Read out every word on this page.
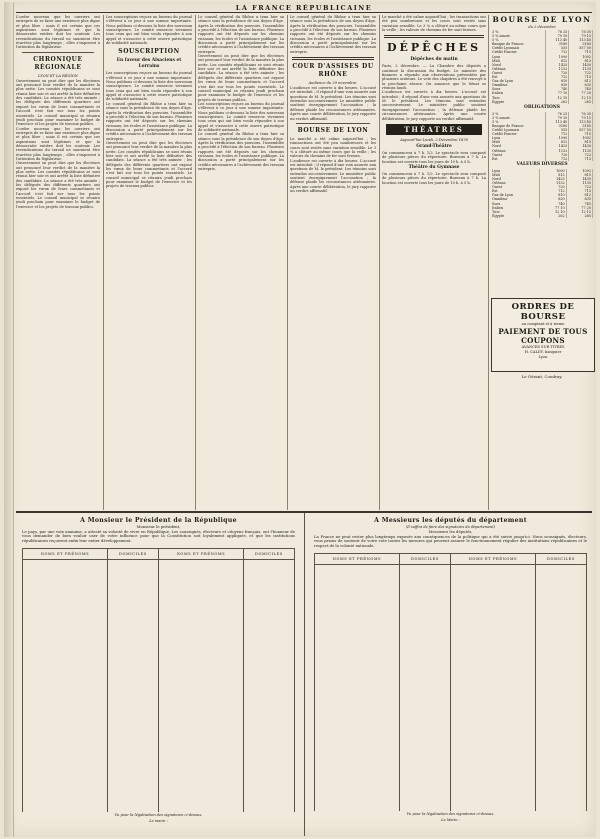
LA FRANCE RÉPUBLICAINE
L'ordre nouveau que les ouvriers ont entrepris de se faire une existence plus digne et plus libre ; mais il est certain que ces aspirations sont légitimes et que la démocratie entière doit les soutenir. Les revendications du travail ne sauraient être écartées plus longtemps ; elles s'imposent à l'attention du législateur.
CHRONIQUE RÉGIONALE
LYON ET LA RÉGION
Ouvertement on peut dire que les électeurs ont prononcé leur verdict de la manière la plus nette. Les comités républicains se sont réunis hier soir et ont arrêté la liste définitive des candidats. La séance a été très animée ; les délégués des différents quartiers ont exposé les vœux de leurs commettants et l'accord s'est fait sur tous les points essentiels. Le conseil municipal se réunira jeudi prochain pour examiner le budget de l'exercice et les projets de travaux publics.
L'ordre nouveau que les ouvriers ont entrepris de se faire une existence plus digne et plus libre ; mais il est certain que ces aspirations sont légitimes et que la démocratie entière doit les soutenir. Les revendications du travail ne sauraient être écartées plus longtemps ; elles s'imposent à l'attention du législateur.
Ouvertement on peut dire que les électeurs ont prononcé leur verdict de la manière la plus nette. Les comités républicains se sont réunis hier soir et ont arrêté la liste définitive des candidats. La séance a été très animée ; les délégués des différents quartiers ont exposé les vœux de leurs commettants et l'accord s'est fait sur tous les points essentiels. Le conseil municipal se réunira jeudi prochain pour examiner le budget de l'exercice et les projets de travaux publics.
Les souscriptions reçues au bureau du journal s'élèvent à ce jour à une somme importante. Nous publions ci-dessous la liste des nouveaux souscripteurs. Le comité remercie vivement tous ceux qui ont bien voulu répondre à son appel et s'associer à cette œuvre patriotique de solidarité nationale.
SOUSCRIPTION
En faveur des Alsaciens et Lorrains
Les souscriptions reçues au bureau du journal s'élèvent à ce jour à une somme importante. Nous publions ci-dessous la liste des nouveaux souscripteurs. Le comité remercie vivement tous ceux qui ont bien voulu répondre à son appel et s'associer à cette œuvre patriotique de solidarité nationale.
Le conseil général du Rhône a tenu hier sa séance sous la présidence de son doyen d'âge. Après la vérification des pouvoirs, l'assemblée a procédé à l'élection de son bureau. Plusieurs rapports ont été déposés sur les chemins vicinaux, les écoles et l'assistance publique. La discussion a porté principalement sur les crédits nécessaires à l'achèvement des travaux entrepris.
Ouvertement on peut dire que les électeurs ont prononcé leur verdict de la manière la plus nette. Les comités républicains se sont réunis hier soir et ont arrêté la liste définitive des candidats. La séance a été très animée ; les délégués des différents quartiers ont exposé les vœux de leurs commettants et l'accord s'est fait sur tous les points essentiels. Le conseil municipal se réunira jeudi prochain pour examiner le budget de l'exercice et les projets de travaux publics.
Le conseil général du Rhône a tenu hier sa séance sous la présidence de son doyen d'âge. Après la vérification des pouvoirs, l'assemblée a procédé à l'élection de son bureau. Plusieurs rapports ont été déposés sur les chemins vicinaux, les écoles et l'assistance publique. La discussion a porté principalement sur les crédits nécessaires à l'achèvement des travaux entrepris.
Ouvertement on peut dire que les électeurs ont prononcé leur verdict de la manière la plus nette. Les comités républicains se sont réunis hier soir et ont arrêté la liste définitive des candidats. La séance a été très animée ; les délégués des différents quartiers ont exposé les vœux de leurs commettants et l'accord s'est fait sur tous les points essentiels. Le conseil municipal se réunira jeudi prochain pour examiner le budget de l'exercice et les projets de travaux publics.
Les souscriptions reçues au bureau du journal s'élèvent à ce jour à une somme importante. Nous publions ci-dessous la liste des nouveaux souscripteurs. Le comité remercie vivement tous ceux qui ont bien voulu répondre à son appel et s'associer à cette œuvre patriotique de solidarité nationale.
Le conseil général du Rhône a tenu hier sa séance sous la présidence de son doyen d'âge. Après la vérification des pouvoirs, l'assemblée a procédé à l'élection de son bureau. Plusieurs rapports ont été déposés sur les chemins vicinaux, les écoles et l'assistance publique. La discussion a porté principalement sur les crédits nécessaires à l'achèvement des travaux entrepris.
Le conseil général du Rhône a tenu hier sa séance sous la présidence de son doyen d'âge. Après la vérification des pouvoirs, l'assemblée a procédé à l'élection de son bureau. Plusieurs rapports ont été déposés sur les chemins vicinaux, les écoles et l'assistance publique. La discussion a porté principalement sur les crédits nécessaires à l'achèvement des travaux entrepris.
COUR D'ASSISES DU RHÔNE
Audience du 29 novembre.
L'audience est ouverte à dix heures. L'accusé est introduit ; il répond d'une voix assurée aux questions de M. le président. Les témoins sont entendus successivement. Le ministère public soutient énergiquement l'accusation ; la défense plaide les circonstances atténuantes. Après une courte délibération, le jury rapporte un verdict affirmatif.
BOURSE DE LYON
Le marché a été calme aujourd'hui ; les transactions ont été peu nombreuses et les cours sont restés sans variation sensible. Le 3 % a clôturé au même cours que la veille ; les valeurs de chemins de fer sont fermes.
L'audience est ouverte à dix heures. L'accusé est introduit ; il répond d'une voix assurée aux questions de M. le président. Les témoins sont entendus successivement. Le ministère public soutient énergiquement l'accusation ; la défense plaide les circonstances atténuantes. Après une courte délibération, le jury rapporte un verdict affirmatif.
Le marché a été calme aujourd'hui ; les transactions ont été peu nombreuses et les cours sont restés sans variation sensible. Le 3 % a clôturé au même cours que la veille ; les valeurs de chemins de fer sont fermes.
DÉPÊCHES
Dépêches du matin
Paris, 2 décembre. — La Chambre des députés a continué la discussion du budget. Le ministre des finances a répondu aux observations présentées par plusieurs orateurs. Le vote des chapitres a été renvoyé à la prochaine séance. On annonce que le Sénat se réunira lundi.
L'audience est ouverte à dix heures. L'accusé est introduit ; il répond d'une voix assurée aux questions de M. le président. Les témoins sont entendus successivement. Le ministère public soutient énergiquement l'accusation ; la défense plaide les circonstances atténuantes. Après une courte délibération, le jury rapporte un verdict affirmatif.
THÉATRES
Aujourd'hui Lundi, 2 Décembre 1878
Grand-Théâtre
On commencera à 7 h. 1/2. Le spectacle sera composé de plusieurs pièces du répertoire. Bureaux à 7 h. La location est ouverte tous les jours de 10 h. à 5 h.
Théâtre du Gymnase
On commencera à 7 h. 1/2. Le spectacle sera composé de plusieurs pièces du répertoire. Bureaux à 7 h. La location est ouverte tous les jours de 10 h. à 5 h.
BOURSE DE LYON
du 2 décembre
3 %	76 25	76 30
3 % amort.	79 10	79 15
5 %	113 40	113 45
Banque de France	3180	3185
Crédit Lyonnais	555	557 50
Crédit Foncier	712	715
Lyon	1090	1092
Midi	812	815
Nord	1425	1430
Orléans	1132	1135
Ouest	720	722
Est	712	715
Gaz de Lyon	810	812
Omnibus	830	835
Suez	740	745
Italien	77 10	77 20
Turc	12 10	12 15
Égypte	262	265
OBLIGATIONS
3 %	76 25	76 30
3 % amort.	79 10	79 15
5 %	113 40	113 45
Banque de France	3180	3185
Crédit Lyonnais	555	557 50
Crédit Foncier	712	715
Lyon	1090	1092
Midi	812	815
Nord	1425	1430
Orléans	1132	1135
Ouest	720	722
Est	712	715
VALEURS DIVERSES
Lyon	1090	1092
Midi	812	815
Nord	1425	1430
Orléans	1132	1135
Ouest	720	722
Est	712	715
Gaz de Lyon	810	812
Omnibus	830	835
Suez	740	745
Italien	77 10	77 20
Turc	12 10	12 15
Égypte	262	265
ORDRES DE BOURSE
au comptant et à terme
PAIEMENT DE TOUS COUPONS
AVANCES SUR TITRES
H. CALDY, banquier
Lyon
Le Gérant, Coudray.
A Monsieur le Président de la République
Monsieur le président,
Le pays, par une voix unanime, a attesté sa volonté de vivre en République. Les soussignés, électeurs et citoyens français, ont l'honneur de vous demander de bien vouloir user de votre influence pour que la Constitution soit loyalement appliquée, et que les institutions républicaines reçoivent enfin leur entier développement.
NOMS ET PRÉNOMS	DOMICILES	NOMS ET PRÉNOMS	DOMICILES

Vu pour la légalisation des signatures ci-dessus.
Le maire :
A Messieurs les députés du département
(Il suffira de faire des signatures du département)
Messieurs les députés,
La France ne peut rester plus longtemps exposée aux conséquences de la politique qui a été suivie jusqu'ici. Nous soussignés, électeurs, vous prions de soutenir de votre vote toutes les mesures qui peuvent assurer le fonctionnement régulier des institutions républicaines et le respect de la volonté nationale.
NOMS ET PRÉNOMS	DOMICILES	NOMS ET PRÉNOMS	DOMICILES

Vu pour la légalisation des signatures ci-dessus.
Le Maire :
